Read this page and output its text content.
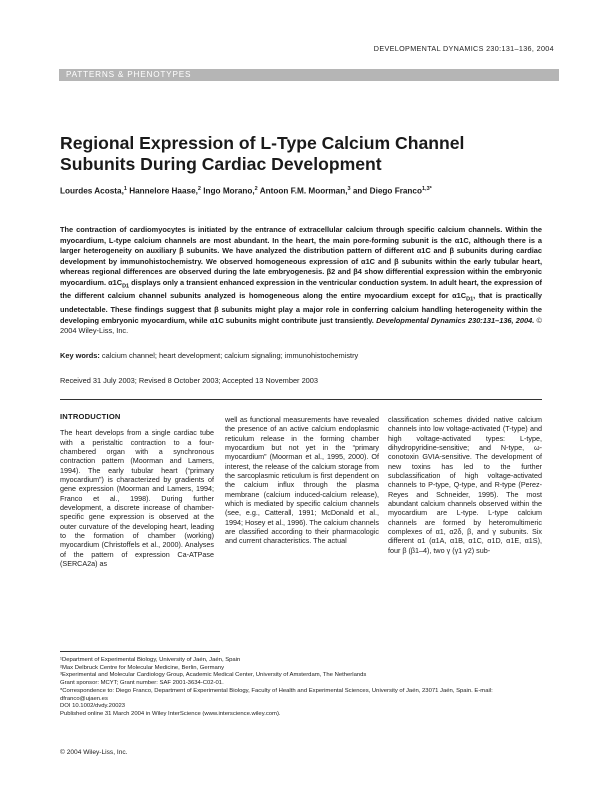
DEVELOPMENTAL DYNAMICS 230:131–136, 2004
PATTERNS & PHENOTYPES
Regional Expression of L-Type Calcium Channel
Subunits During Cardiac Development
Lourdes Acosta,$^1$ Hannelore Haase,$^2$ Ingo Morano,$^2$ Antoon F.M. Moorman,$^3$ and Diego Franco$^{1,3*}$
The contraction of cardiomyocytes is initiated by the entrance of extracellular calcium through specific calcium channels. Within the myocardium, L-type calcium channels are most abundant. In the heart, the main pore-forming subunit is the α1C, although there is a larger heterogeneity on auxiliary β subunits. We have analyzed the distribution pattern of different α1C and β subunits during cardiac development by immunohistochemistry. We observed homogeneous expression of α1C and β subunits within the early tubular heart, whereas regional differences are observed during the late embryogenesis. β2 and β4 show differential expression within the embryonic myocardium. $\alpha 1C_{D1}$ displays only a transient enhanced expression in the ventricular conduction system. In adult heart, the expression of the different calcium channel subunits analyzed is homogeneous along the entire myocardium except for $\alpha 1C_{D1}$, that is practically undetectable. These findings suggest that β subunits might play a major role in conferring calcium handling heterogeneity within the developing embryonic myocardium, while α1C subunits might contribute just transiently. Developmental Dynamics 230:131–136, 2004. © 2004 Wiley-Liss, Inc.
Key words: calcium channel; heart development; calcium signaling; immunohistochemistry
Received 31 July 2003; Revised 8 October 2003; Accepted 13 November 2003
INTRODUCTION

The heart develops from a single cardiac tube with a peristaltic contraction to a four-chambered organ with a synchronous contraction pattern (Moorman and Lamers, 1994). The early tubular heart (“primary myocardium”) is characterized by gradients of gene expression (Moorman and Lamers, 1994; Franco et al., 1998). During further development, a discrete increase of chamber-specific gene expression is observed at the outer curvature of the developing heart, leading to the formation of chamber (working) myocardium (Christoffels et al., 2000). Analyses of the pattern of expression Ca-ATPase (SERCA2a) as

well as functional measurements have revealed the presence of an active calcium endoplasmic reticulum release in the forming chamber myocardium but not yet in the “primary myocardium” (Moorman et al., 1995, 2000). Of interest, the release of the calcium storage from the sarcoplasmic reticulum is first dependent on the calcium influx through the plasma membrane (calcium induced-calcium release), which is mediated by specific calcium channels (see, e.g., Catterall, 1991; McDonald et al., 1994; Hosey et al., 1996). The calcium channels are classified according to their pharmacologic and current characteristics. The actual

classification schemes divided native calcium channels into low voltage-activated (T-type) and high voltage-activated types: L-type, dihydropyridine-sensitive; and N-type, ω-conotoxin GVIA-sensitive. The development of new toxins has led to the further subclassification of high voltage-activated channels to P-type, Q-type, and R-type (Perez-Reyes and Schneider, 1995). The most abundant calcium channels observed within the myocardium are L-type. L-type calcium channels are formed by heteromultimeric complexes of α1, α2δ, β, and γ subunits. Six different α1 (α1A, α1B, α1C, α1D, α1E, α1S), four β (β1–4), two γ (γ1 γ2) sub-

¹Department of Experimental Biology, University of Jaén, Jaén, Spain
²Max Delbruck Centre for Molecular Medicine, Berlin, Germany
³Experimental and Molecular Cardiology Group, Academic Medical Center, University of Amsterdam, The Netherlands
Grant sponsor: MCYT; Grant number: SAF 2001-3634-C02-01.
*Correspondence to: Diego Franco, Department of Experimental Biology, Faculty of Health and Experimental Sciences, University of Jaén, 23071 Jaén, Spain. E-mail: dfranco@ujaen.es
DOI 10.1002/dvdy.20023
Published online 31 March 2004 in Wiley InterScience (www.interscience.wiley.com).
© 2004 Wiley-Liss, Inc.
